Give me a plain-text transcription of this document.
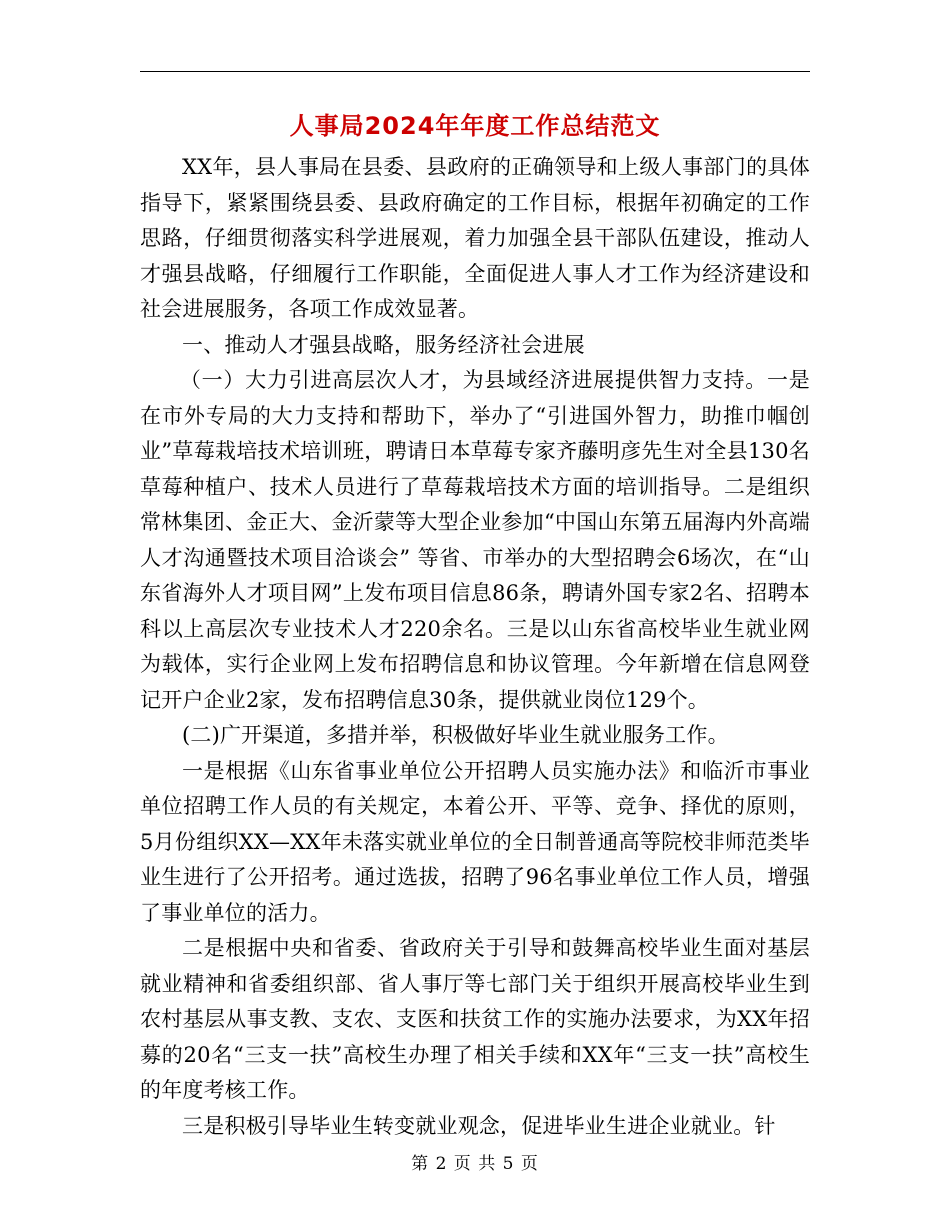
人事局2024年年度工作总结范文

XX年，县人事局在县委、县政府的正确领导和上级人事部门的具体指导下，紧紧围绕县委、县政府确定的工作目标，根据年初确定的工作思路，仔细贯彻落实科学进展观，着力加强全县干部队伍建设，推动人才强县战略，仔细履行工作职能，全面促进人事人才工作为经济建设和社会进展服务，各项工作成效显著。

一、推动人才强县战略，服务经济社会进展

（一）大力引进高层次人才，为县域经济进展提供智力支持。一是在市外专局的大力支持和帮助下，举办了“引进国外智力，助推巾帼创业”草莓栽培技术培训班，聘请日本草莓专家齐藤明彦先生对全县130名草莓种植户、技术人员进行了草莓栽培技术方面的培训指导。二是组织常林集团、金正大、金沂蒙等大型企业参加“中国山东第五届海内外高端人才沟通暨技术项目洽谈会” 等省、市举办的大型招聘会6场次，在“山东省海外人才项目网”上发布项目信息86条，聘请外国专家2名、招聘本科以上高层次专业技术人才220余名。三是以山东省高校毕业生就业网为载体，实行企业网上发布招聘信息和协议管理。今年新增在信息网登记开户企业2家，发布招聘信息30条，提供就业岗位129个。

(二)广开渠道，多措并举，积极做好毕业生就业服务工作。

一是根据《山东省事业单位公开招聘人员实施办法》和临沂市事业单位招聘工作人员的有关规定，本着公开、平等、竞争、择优的原则，5月份组织XX—XX年未落实就业单位的全日制普通高等院校非师范类毕业生进行了公开招考。通过选拔，招聘了96名事业单位工作人员，增强了事业单位的活力。

二是根据中央和省委、省政府关于引导和鼓舞高校毕业生面对基层就业精神和省委组织部、省人事厅等七部门关于组织开展高校毕业生到农村基层从事支教、支农、支医和扶贫工作的实施办法要求，为XX年招募的20名“三支一扶”高校生办理了相关手续和XX年“三支一扶”高校生的年度考核工作。

三是积极引导毕业生转变就业观念，促进毕业生进企业就业。针

第 2 页 共 5 页
